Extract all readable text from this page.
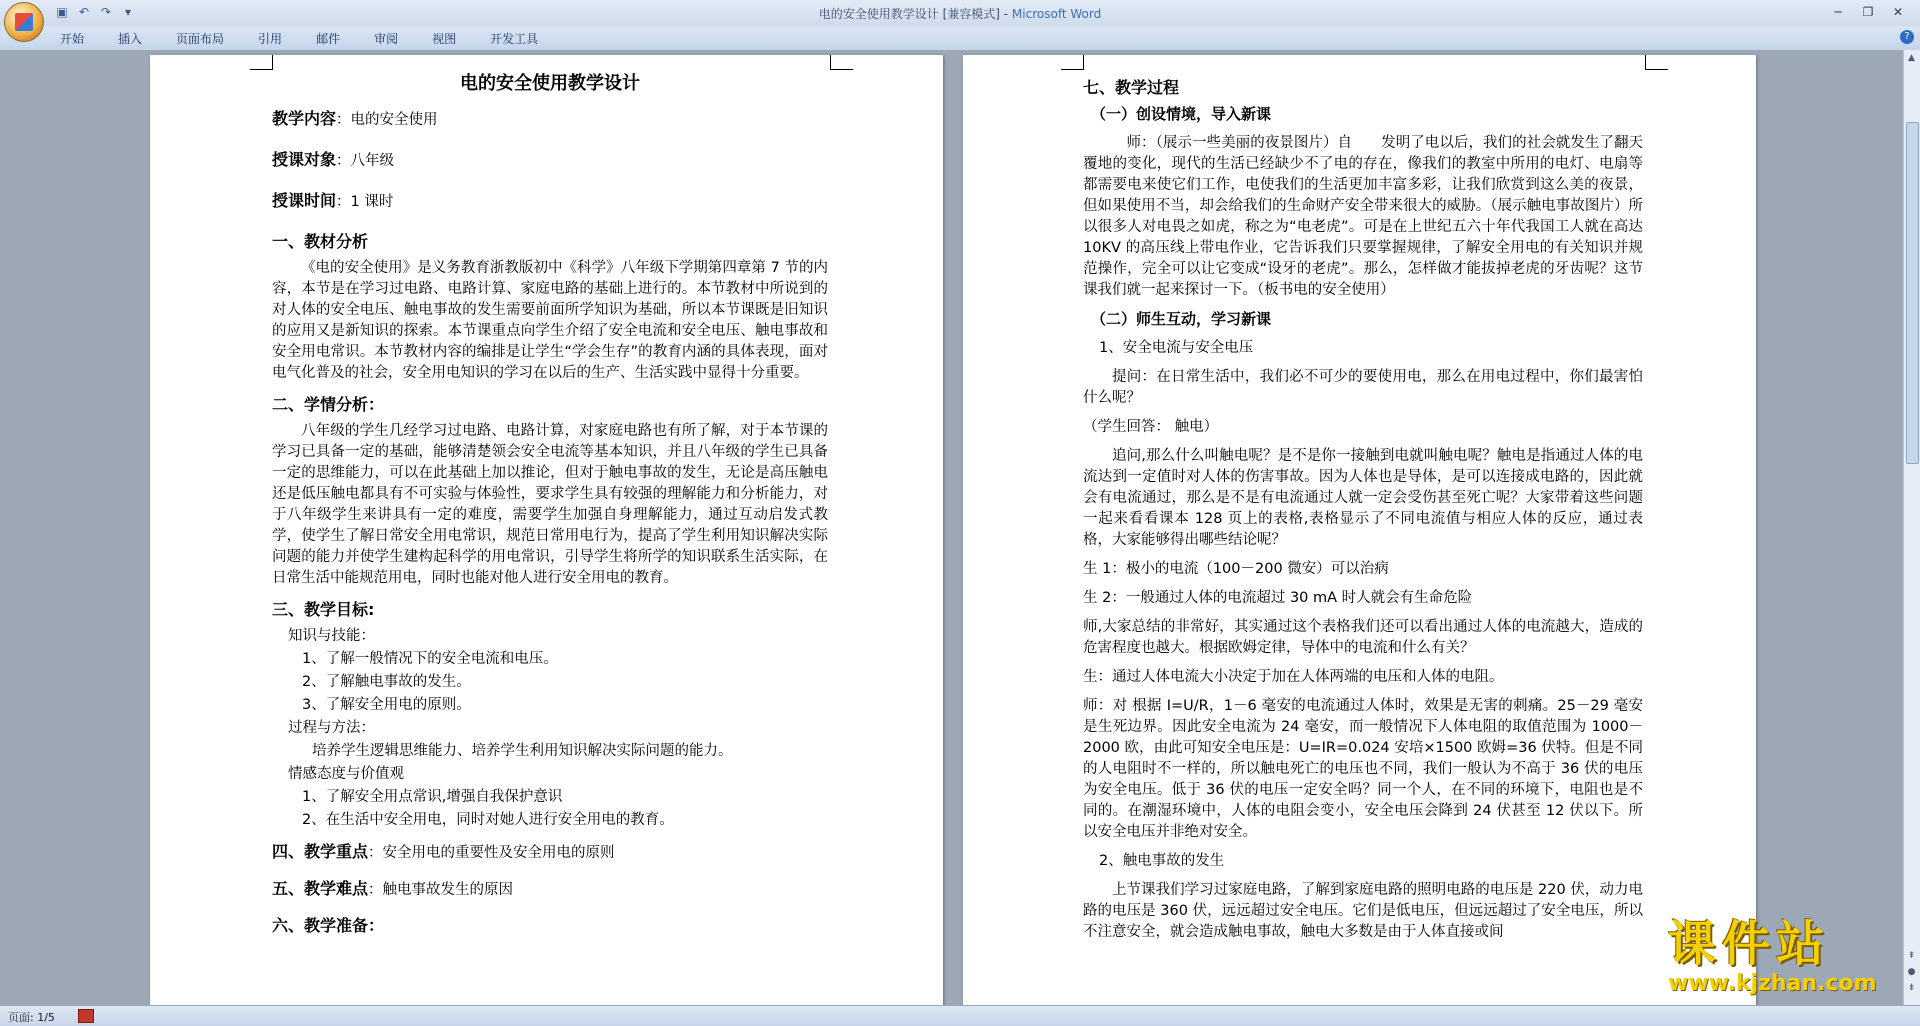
▣ ↶ ↷	▾	电的安全使用教学设计 [兼容模式] - Microsoft Word	─	❐	✕
开始	插入	页面布局	引用	邮件	审阅	视图	开发工具	?
电的安全使用教学设计
教学内容：电的安全使用
授课对象：八年级
授课时间：1 课时
一、教材分析
《电的安全使用》是义务教育浙教版初中《科学》八年级下学期第四章第 7 节的内容，本节是在学习过电路、电路计算、家庭电路的基础上进行的。本节教材中所说到的对人体的安全电压、触电事故的发生需要前面所学知识为基础，所以本节课既是旧知识的应用又是新知识的探索。本节课重点向学生介绍了安全电流和安全电压、触电事故和安全用电常识。本节教材内容的编排是让学生“学会生存”的教育内涵的具体表现，面对电气化普及的社会，安全用电知识的学习在以后的生产、生活实践中显得十分重要。
二、学情分析：
八年级的学生几经学习过电路、电路计算，对家庭电路也有所了解，对于本节课的学习已具备一定的基础，能够清楚领会安全电流等基本知识，并且八年级的学生已具备一定的思维能力，可以在此基础上加以推论，但对于触电事故的发生，无论是高压触电还是低压触电都具有不可实验与体验性，要求学生具有较强的理解能力和分析能力，对于八年级学生来讲具有一定的难度，需要学生加强自身理解能力，通过互动启发式教学，使学生了解日常安全用电常识，规范日常用电行为，提高了学生利用知识解决实际问题的能力并使学生建构起科学的用电常识，引导学生将所学的知识联系生活实际，在日常生活中能规范用电，同时也能对他人进行安全用电的教育。
三、教学目标:
知识与技能：
1、了解一般情况下的安全电流和电压。
2、了解触电事故的发生。
3、了解安全用电的原则。
过程与方法：
培养学生逻辑思维能力、培养学生利用知识解决实际问题的能力。
情感态度与价值观
1、了解安全用点常识,增强自我保护意识
2、在生活中安全用电，同时对她人进行安全用电的教育。
四、教学重点：安全用电的重要性及安全用电的原则
五、教学难点：触电事故发生的原因
六、教学准备：
七、教学过程
（一）创设情境，导入新课
师：（展示一些美丽的夜景图片）自　　发明了电以后，我们的社会就发生了翻天覆地的变化，现代的生活已经缺少不了电的存在，像我们的教室中所用的电灯、电扇等都需要电来使它们工作，电使我们的生活更加丰富多彩，让我们欣赏到这么美的夜景，但如果使用不当，却会给我们的生命财产安全带来很大的威胁。（展示触电事故图片）所以很多人对电畏之如虎，称之为“电老虎”。可是在上世纪五六十年代我国工人就在高达 10KV 的高压线上带电作业，它告诉我们只要掌握规律，了解安全用电的有关知识并规范操作，完全可以让它变成“设牙的老虎”。那么，怎样做才能拔掉老虎的牙齿呢？这节课我们就一起来探讨一下。（板书电的安全使用）
（二）师生互动，学习新课
1、安全电流与安全电压
提问：在日常生活中，我们必不可少的要使用电，那么在用电过程中，你们最害怕什么呢？
（学生回答： 触电）
追问,那么什么叫触电呢？是不是你一接触到电就叫触电呢？触电是指通过人体的电流达到一定值时对人体的伤害事故。因为人体也是导体，是可以连接成电路的，因此就会有电流通过，那么是不是有电流通过人就一定会受伤甚至死亡呢？大家带着这些问题一起来看看课本 128 页上的表格,表格显示了不同电流值与相应人体的反应，通过表格，大家能够得出哪些结论呢？
生 1：极小的电流（100－200 微安）可以治病
生 2：一般通过人体的电流超过 30 mA 时人就会有生命危险
师,大家总结的非常好，其实通过这个表格我们还可以看出通过人体的电流越大，造成的危害程度也越大。根据欧姆定律，导体中的电流和什么有关？
生：通过人体电流大小决定于加在人体两端的电压和人体的电阻。
师：对 根据 I=U/R，1－6 毫安的电流通过人体时，效果是无害的刺痛。25－29 毫安是生死边界。因此安全电流为 24 毫安，而一般情况下人体电阻的取值范围为 1000－2000 欧，由此可知安全电压是：U=IR=0.024 安培×1500 欧姆=36 伏特。但是不同的人电阻时不一样的，所以触电死亡的电压也不同，我们一般认为不高于 36 伏的电压为安全电压。低于 36 伏的电压一定安全吗？同一个人，在不同的环境下，电阻也是不同的。在潮湿环境中，人体的电阻会变小，安全电压会降到 24 伏甚至 12 伏以下。所以安全电压并非绝对安全。
2、触电事故的发生
上节课我们学习过家庭电路，了解到家庭电路的照明电路的电压是 220 伏，动力电路的电压是 360 伏，远远超过安全电压。它们是低电压，但远远超过了安全电压，所以不注意安全，就会造成触电事故，触电大多数是由于人体直接或间
▲
⇞
●
⇟
页面: 1/5
课件站
www.kjzhan.com
